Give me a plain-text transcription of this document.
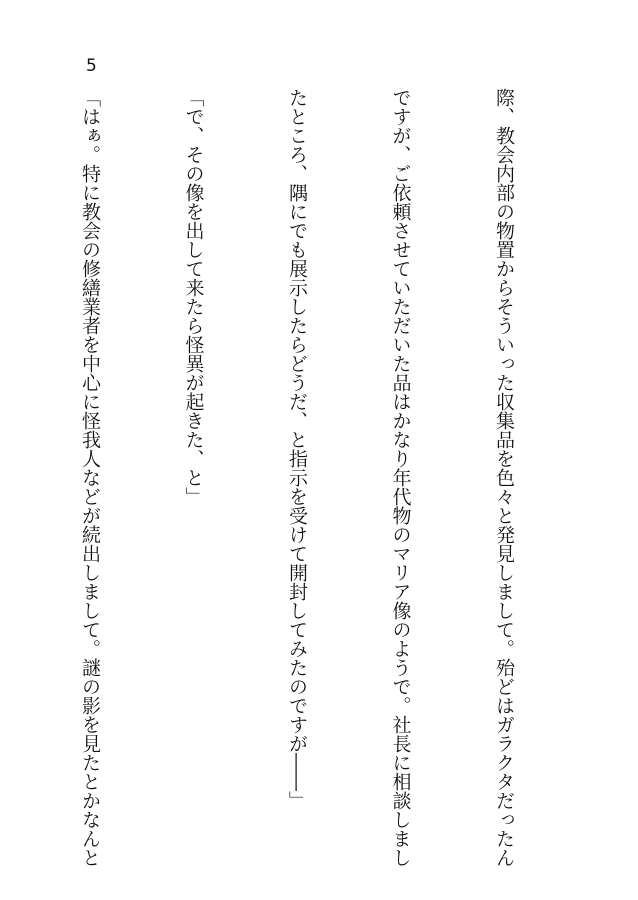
5

際、教会内部の物置からそういった収集品を色々と発見しまして。殆どはガラクタだったん

ですが、ご依頼させていただいた品はかなり年代物のマリア像のようで。社長に相談しまし

たところ、隅にでも展示したらどうだ、と指示を受けて開封してみたのですが――」

「で、その像を出して来たら怪異が起きた、と」

「はぁ。特に教会の修繕業者を中心に怪我人などが続出しまして。謎の影を見たとかなんと
